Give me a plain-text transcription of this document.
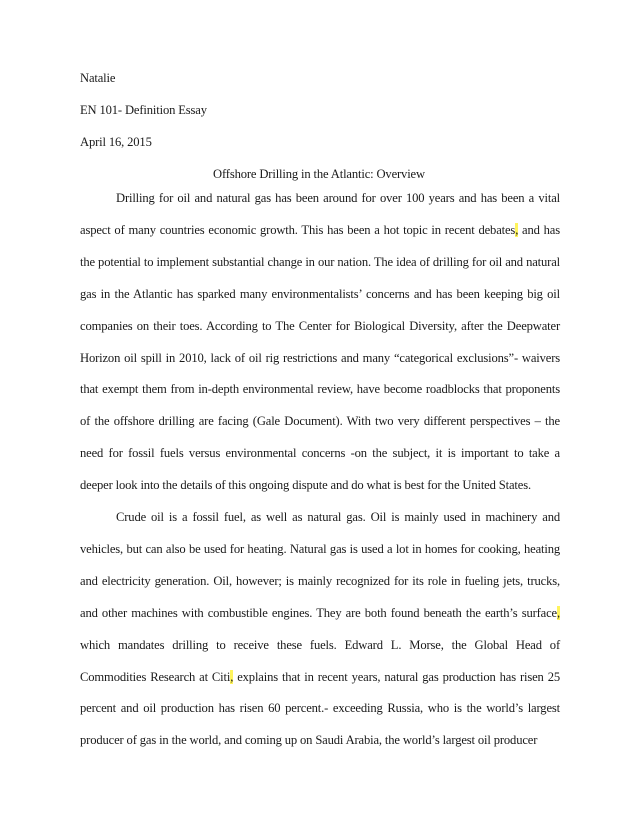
Natalie
EN 101- Definition Essay
April 16, 2015
Offshore Drilling in the Atlantic: Overview

Drilling for oil and natural gas has been around for over 100 years and has been a vital aspect of many countries economic growth. This has been a hot topic in recent debates, and has the potential to implement substantial change in our nation. The idea of drilling for oil and natural gas in the Atlantic has sparked many environmentalists’ concerns and has been keeping big oil companies on their toes. According to The Center for Biological Diversity, after the Deepwater Horizon oil spill in 2010, lack of oil rig restrictions and many “categorical exclusions”- waivers that exempt them from in-depth environmental review, have become roadblocks that proponents of the offshore drilling are facing (Gale Document). With two very different perspectives – the need for fossil fuels versus environmental concerns -on the subject, it is important to take a deeper look into the details of this ongoing dispute and do what is best for the United States.

Crude oil is a fossil fuel, as well as natural gas. Oil is mainly used in machinery and vehicles, but can also be used for heating. Natural gas is used a lot in homes for cooking, heating and electricity generation. Oil, however; is mainly recognized for its role in fueling jets, trucks, and other machines with combustible engines. They are both found beneath the earth’s surface, which mandates drilling to receive these fuels. Edward L. Morse, the Global Head of Commodities Research at Citi, explains that in recent years, natural gas production has risen 25 percent and oil production has risen 60 percent.- exceeding Russia, who is the world’s largest producer of gas in the world, and coming up on Saudi Arabia, the world’s largest oil producer
